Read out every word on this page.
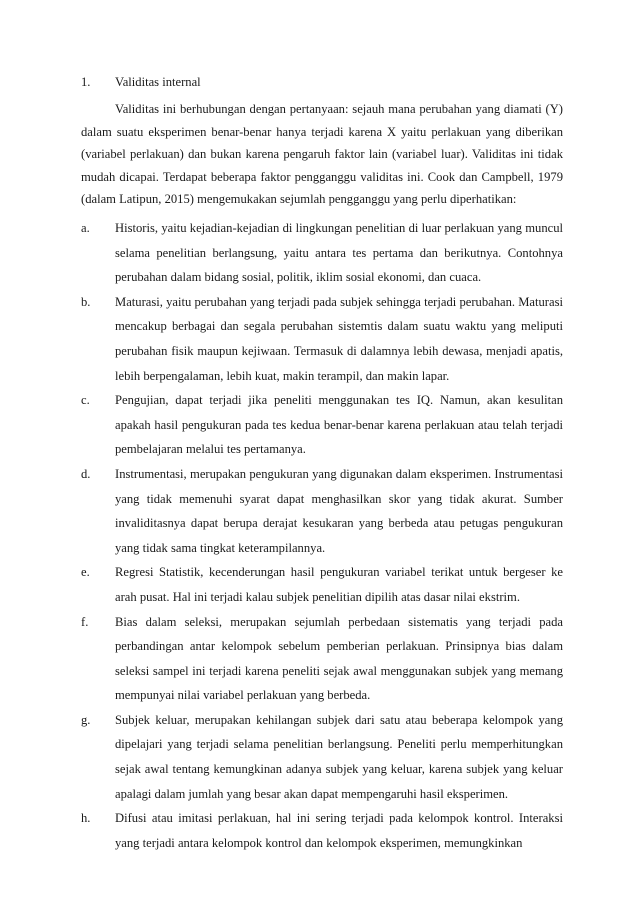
1. Validitas internal

Validitas ini berhubungan dengan pertanyaan: sejauh mana perubahan yang diamati (Y) dalam suatu eksperimen benar-benar hanya terjadi karena X yaitu perlakuan yang diberikan (variabel perlakuan) dan bukan karena pengaruh faktor lain (variabel luar). Validitas ini tidak mudah dicapai. Terdapat beberapa faktor pengganggu validitas ini. Cook dan Campbell, 1979 (dalam Latipun, 2015) mengemukakan sejumlah pengganggu yang perlu diperhatikan:

a. Historis, yaitu kejadian-kejadian di lingkungan penelitian di luar perlakuan yang muncul selama penelitian berlangsung, yaitu antara tes pertama dan berikutnya. Contohnya perubahan dalam bidang sosial, politik, iklim sosial ekonomi, dan cuaca.
b. Maturasi, yaitu perubahan yang terjadi pada subjek sehingga terjadi perubahan. Maturasi mencakup berbagai dan segala perubahan sistemtis dalam suatu waktu yang meliputi perubahan fisik maupun kejiwaan. Termasuk di dalamnya lebih dewasa, menjadi apatis, lebih berpengalaman, lebih kuat, makin terampil, dan makin lapar.
c. Pengujian, dapat terjadi jika peneliti menggunakan tes IQ. Namun, akan kesulitan apakah hasil pengukuran pada tes kedua benar-benar karena perlakuan atau telah terjadi pembelajaran melalui tes pertamanya.
d. Instrumentasi, merupakan pengukuran yang digunakan dalam eksperimen. Instrumentasi yang tidak memenuhi syarat dapat menghasilkan skor yang tidak akurat. Sumber invaliditasnya dapat berupa derajat kesukaran yang berbeda atau petugas pengukuran yang tidak sama tingkat keterampilannya.
e. Regresi Statistik, kecenderungan hasil pengukuran variabel terikat untuk bergeser ke arah pusat. Hal ini terjadi kalau subjek penelitian dipilih atas dasar nilai ekstrim.
f. Bias dalam seleksi, merupakan sejumlah perbedaan sistematis yang terjadi pada perbandingan antar kelompok sebelum pemberian perlakuan. Prinsipnya bias dalam seleksi sampel ini terjadi karena peneliti sejak awal menggunakan subjek yang memang mempunyai nilai variabel perlakuan yang berbeda.
g. Subjek keluar, merupakan kehilangan subjek dari satu atau beberapa kelompok yang dipelajari yang terjadi selama penelitian berlangsung. Peneliti perlu memperhitungkan sejak awal tentang kemungkinan adanya subjek yang keluar, karena subjek yang keluar apalagi dalam jumlah yang besar akan dapat mempengaruhi hasil eksperimen.
h. Difusi atau imitasi perlakuan, hal ini sering terjadi pada kelompok kontrol. Interaksi yang terjadi antara kelompok kontrol dan kelompok eksperimen, memungkinkan
